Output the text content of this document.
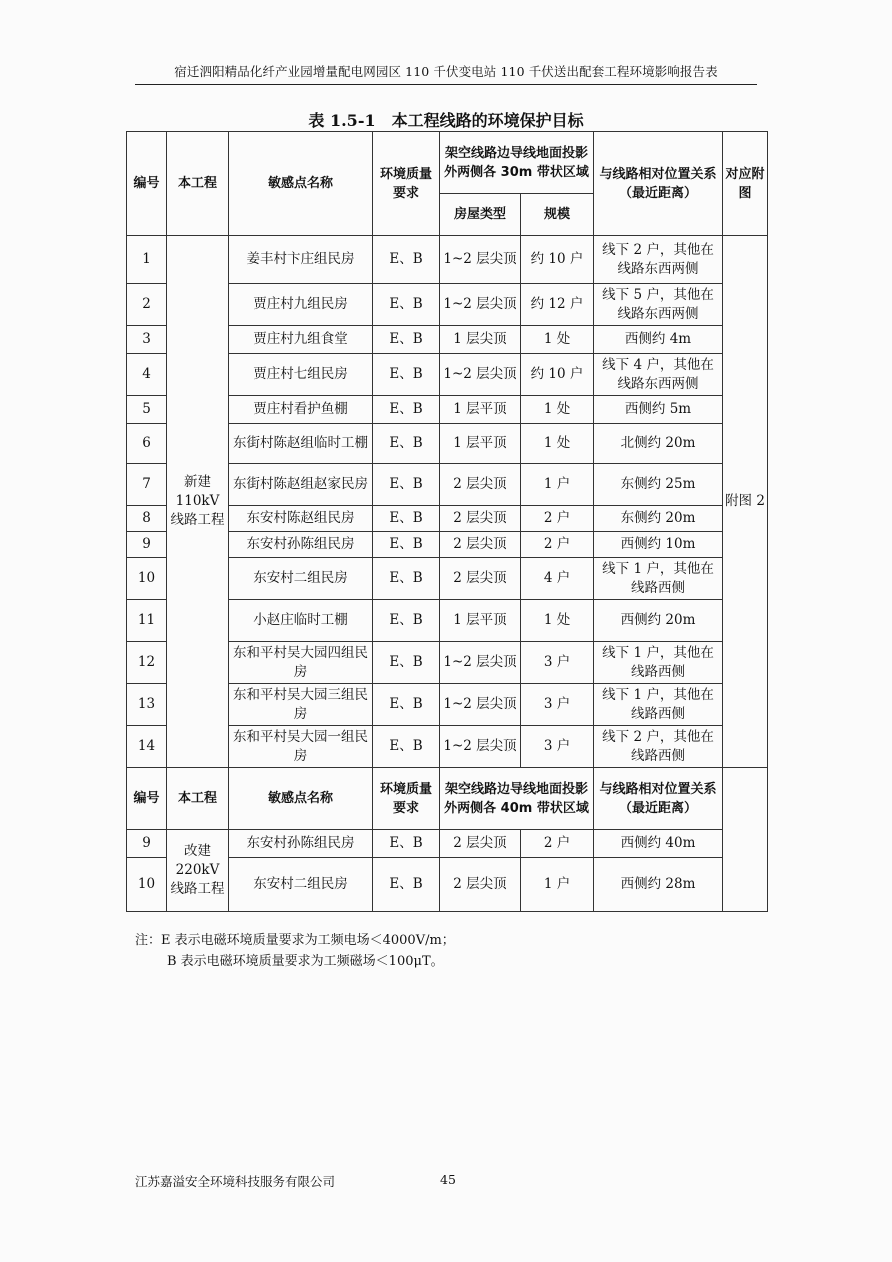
宿迁泗阳精品化纤产业园增量配电网园区 110 千伏变电站 110 千伏送出配套工程环境影响报告表
表 1.5-1　本工程线路的环境保护目标
编号	本工程	敏感点名称	环境质量要求	架空线路边导线地面投影外两侧各 30m 带状区域		与线路相对位置关系（最近距离）	对应附图
				房屋类型	规模		
1	新建 110kV 线路工程	姜丰村卞庄组民房	E、B	1~2 层尖顶	约 10 户	线下 2 户，其他在线路东西两侧	附图 2
2		贾庄村九组民房	E、B	1~2 层尖顶	约 12 户	线下 5 户，其他在线路东西两侧	
3		贾庄村九组食堂	E、B	1 层尖顶	1 处	西侧约 4m	
4		贾庄村七组民房	E、B	1~2 层尖顶	约 10 户	线下 4 户，其他在线路东西两侧	
5		贾庄村看护鱼棚	E、B	1 层平顶	1 处	西侧约 5m	
6		东街村陈赵组临时工棚	E、B	1 层平顶	1 处	北侧约 20m	
7		东街村陈赵组赵家民房	E、B	2 层尖顶	1 户	东侧约 25m	
8		东安村陈赵组民房	E、B	2 层尖顶	2 户	东侧约 20m	
9		东安村孙陈组民房	E、B	2 层尖顶	2 户	西侧约 10m	
10		东安村二组民房	E、B	2 层尖顶	4 户	线下 1 户，其他在线路西侧	
11		小赵庄临时工棚	E、B	1 层平顶	1 处	西侧约 20m	
12		东和平村吴大园四组民房	E、B	1~2 层尖顶	3 户	线下 1 户，其他在线路西侧	
13		东和平村吴大园三组民房	E、B	1~2 层尖顶	3 户	线下 1 户，其他在线路西侧	
14		东和平村吴大园一组民房	E、B	1~2 层尖顶	3 户	线下 2 户，其他在线路西侧	
编号	本工程	敏感点名称	环境质量要求	架空线路边导线地面投影外两侧各 40m 带状区域		与线路相对位置关系（最近距离）	
9	改建 220kV 线路工程	东安村孙陈组民房	E、B	2 层尖顶	2 户	西侧约 40m	
10		东安村二组民房	E、B	2 层尖顶	1 户	西侧约 28m	
注：E 表示电磁环境质量要求为工频电场＜4000V/m；
B 表示电磁环境质量要求为工频磁场＜100μT。
江苏嘉溢安全环境科技服务有限公司	45
